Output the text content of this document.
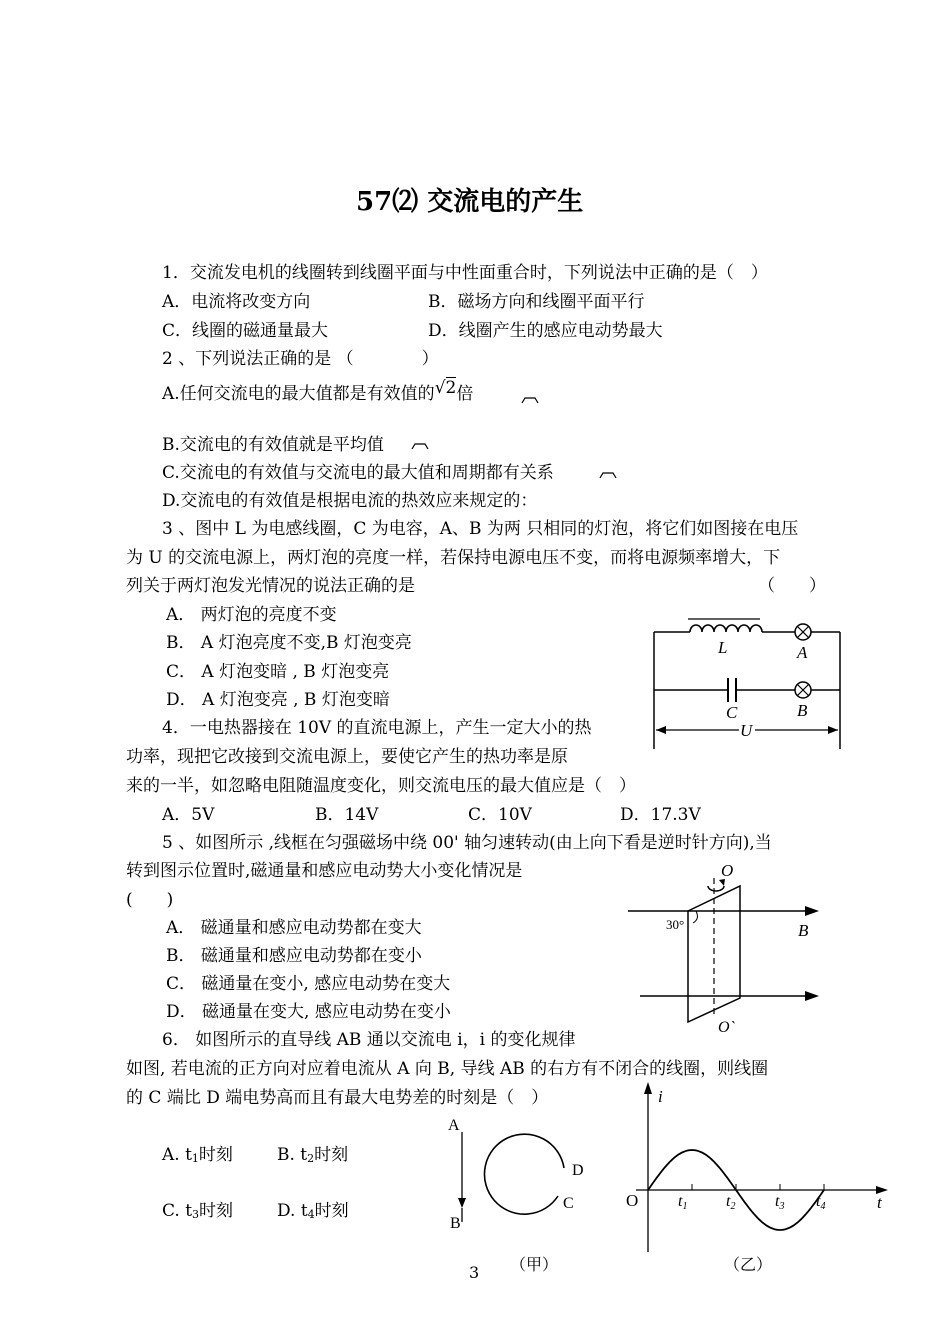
57⑵ 交流电的产生
1．交流发电机的线圈转到线圈平面与中性面重合时，下列说法中正确的是（　）
A．电流将改变方向	B．磁场方向和线圈平面平行
C．线圈的磁通量最大	D．线圈产生的感应电动势最大
2 、下列说法正确的是 （　　　　）
A.任何交流电的最大值都是有效值的√2倍
B.交流电的有效值就是平均值
C.交流电的有效值与交流电的最大值和周期都有关系
D.交流电的有效值是根据电流的热效应来规定的：
3 、图中 L 为电感线圈，C 为电容，A、B 为两 只相同的灯泡，将它们如图接在电压
为 U 的交流电源上，两灯泡的亮度一样，若保持电源电压不变，而将电源频率增大，下
列关于两灯泡发光情况的说法正确的是	（　　）
A． 两灯泡的亮度不变
B． A 灯泡亮度不变,B 灯泡变亮
C． A 灯泡变暗 , B 灯泡变亮
D． A 灯泡变亮 , B 灯泡变暗
L	A
C	B
U
4．一电热器接在 10V 的直流电源上，产生一定大小的热
功率，现把它改接到交流电源上，要使它产生的热功率是原
来的一半，如忽略电阻随温度变化，则交流电压的最大值应是（　）
A．5V	B．14V	C．10V	D．17.3V
5 、如图所示 ,线框在匀强磁场中绕 00' 轴匀速转动(由上向下看是逆时针方向),当
转到图示位置时,磁通量和感应电动势大小变化情况是
(　　)
A． 磁通量和感应电动势都在变大
B． 磁通量和感应电动势都在变小
C． 磁通量在变小, 感应电动势在变大
D． 磁通量在变大, 感应电动势在变小
O
30°	B
O`
6． 如图所示的直导线 AB 通以交流电 i，i 的变化规律
如图, 若电流的正方向对应着电流从 A 向 B, 导线 AB 的右方有不闭合的线圈，则线圈
的 C 端比 D 端电势高而且有最大电势差的时刻是（　）
A. $t_1$时刻	B. $t_2$时刻
C. $t_3$时刻	D. $t_4$时刻
A
B
D
C
（甲）
i
O	t
t1 t2 t3 t4
（乙）
3
